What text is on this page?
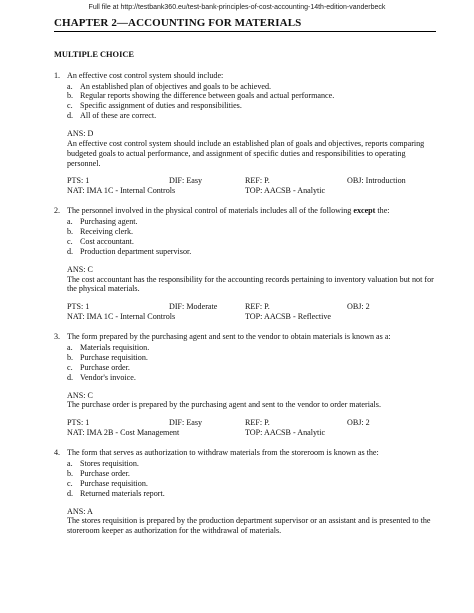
Full file at http://testbank360.eu/test-bank-principles-of-cost-accounting-14th-edition-vanderbeck
CHAPTER 2—ACCOUNTING FOR MATERIALS
MULTIPLE CHOICE
1. An effective cost control system should include:
a. An established plan of objectives and goals to be achieved.
b. Regular reports showing the difference between goals and actual performance.
c. Specific assignment of duties and responsibilities.
d. All of these are correct.
ANS: D
An effective cost control system should include an established plan of goals and objectives, reports comparing budgeted goals to actual performance, and assignment of specific duties and responsibilities to operating personnel.
PTS: 1	DIF: Easy	REF: P.	OBJ: Introduction
NAT: IMA 1C - Internal Controls	TOP: AACSB - Analytic
2. The personnel involved in the physical control of materials includes all of the following except the:
a. Purchasing agent.
b. Receiving clerk.
c. Cost accountant.
d. Production department supervisor.
ANS: C
The cost accountant has the responsibility for the accounting records pertaining to inventory valuation but not for the physical materials.
PTS: 1	DIF: Moderate	REF: P.	OBJ: 2
NAT: IMA 1C - Internal Controls	TOP: AACSB - Reflective
3. The form prepared by the purchasing agent and sent to the vendor to obtain materials is known as a:
a. Materials requisition.
b. Purchase requisition.
c. Purchase order.
d. Vendor's invoice.
ANS: C
The purchase order is prepared by the purchasing agent and sent to the vendor to order materials.
PTS: 1	DIF: Easy	REF: P.	OBJ: 2
NAT: IMA 2B - Cost Management	TOP: AACSB - Analytic
4. The form that serves as authorization to withdraw materials from the storeroom is known as the:
a. Stores requisition.
b. Purchase order.
c. Purchase requisition.
d. Returned materials report.
ANS: A
The stores requisition is prepared by the production department supervisor or an assistant and is presented to the storeroom keeper as authorization for the withdrawal of materials.
